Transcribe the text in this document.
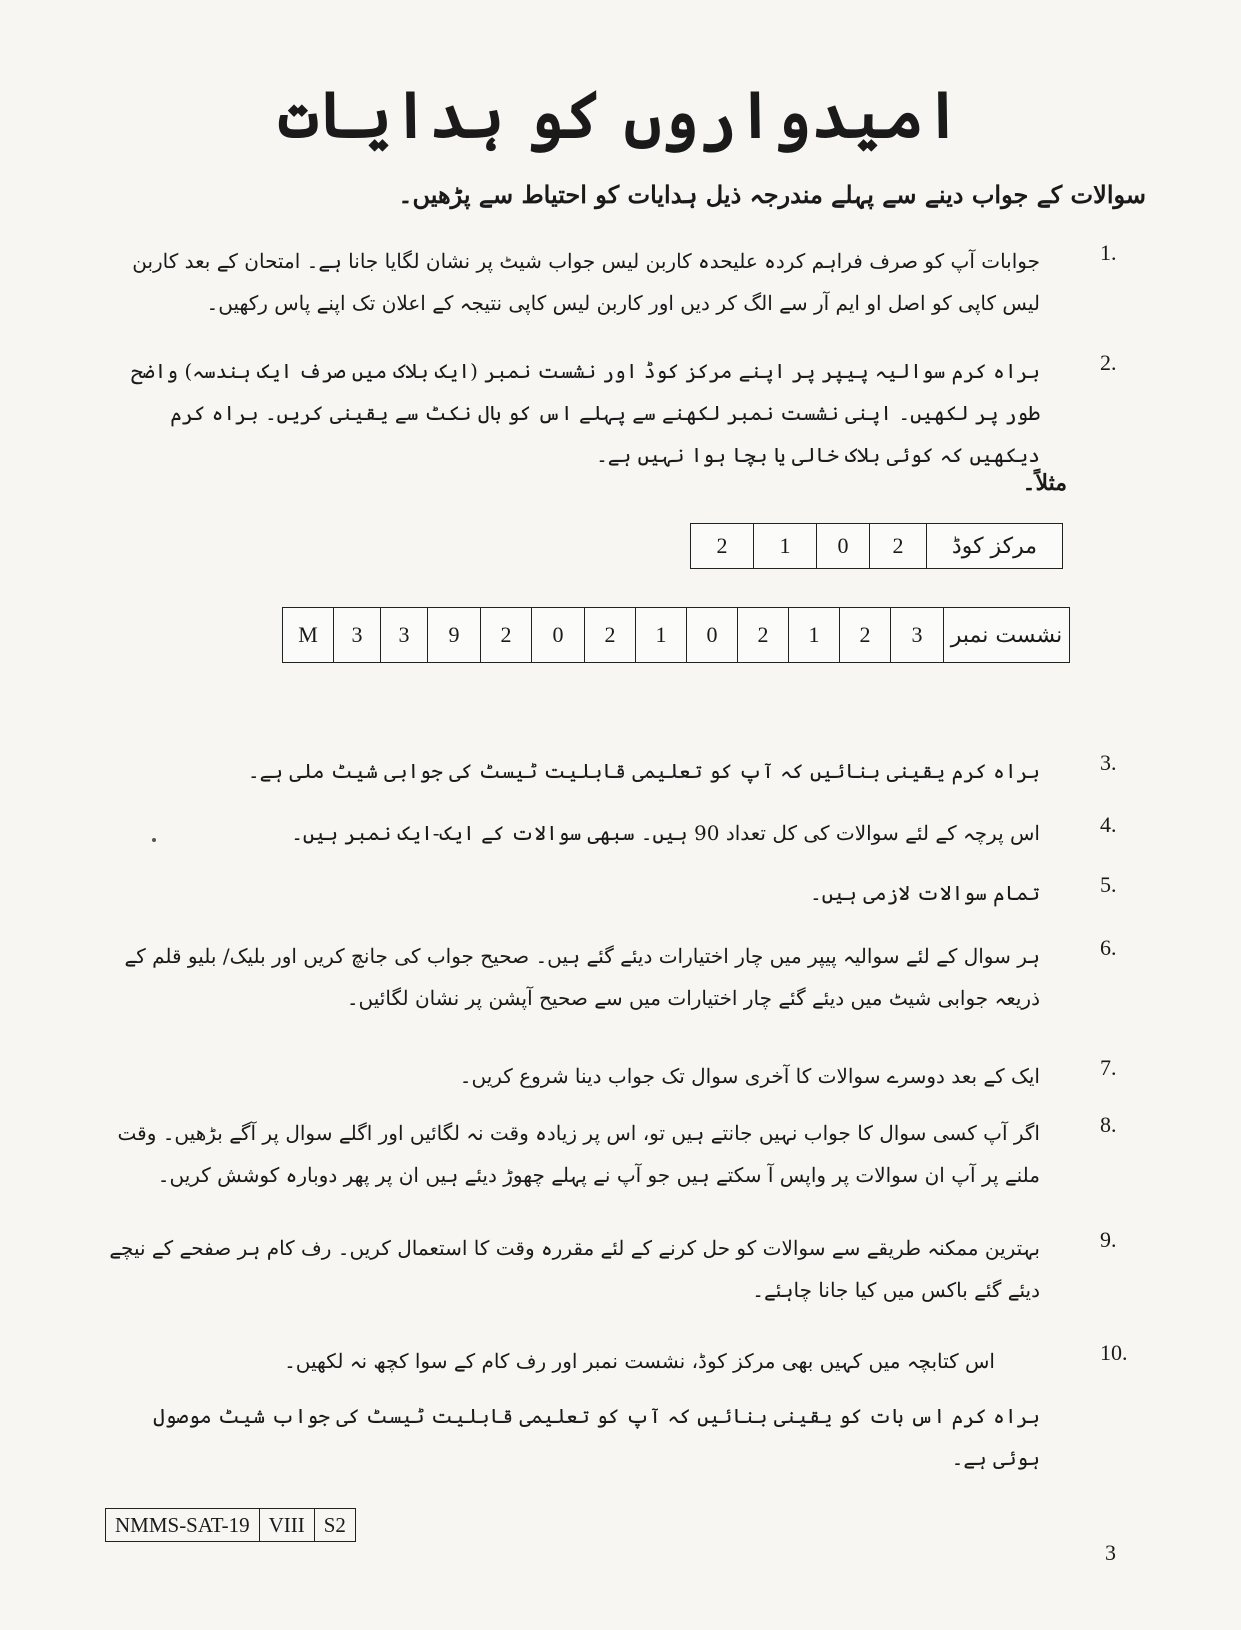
امیدواروں کو ہدایات
سوالات کے جواب دینے سے پہلے مندرجہ ذیل ہدایات کو احتیاط سے پڑھیں۔
1.
جوابات آپ کو صرف فراہم کردہ علیحدہ کاربن لیس جواب شیٹ پر نشان لگایا جانا ہے۔ امتحان کے بعد کاربن لیس کاپی کو اصل او ایم آر سے الگ کر دیں اور کاربن لیس کاپی نتیجہ کے اعلان تک اپنے پاس رکھیں۔
2.
براہ کرم سوالیہ پیپر پر اپنے مرکز کوڈ اور نشست نمبر (ایک بلاک میں صرف ایک ہندسہ) واضح طور پر لکھیں۔ اپنی نشست نمبر لکھنے سے پہلے اس کو بال نکٹ سے یقینی کریں۔ براہ کرم دیکھیں کہ کوئی بلاک خالی یا بچا ہوا نہیں ہے۔
مثلاً۔
2	1	0	2	مرکز کوڈ
M	3	3	9	2	0	2	1	0	2	1	2	3	نشست نمبر
3.
براہ کرم یقینی بنائیں کہ آپ کو تعلیمی قابلیت ٹیسٹ کی جوابی شیٹ ملی ہے۔
4.
اس پرچہ کے لئے سوالات کی کل تعداد 90 ہیں۔ سبھی سوالات کے ایک-ایک نمبر ہیں۔
5.
تمام سوالات لازمی ہیں۔
6.
ہر سوال کے لئے سوالیہ پیپر میں چار اختیارات دیئے گئے ہیں۔ صحیح جواب کی جانچ کریں اور بلیک/ بلیو قلم کے ذریعہ جوابی شیٹ میں دیئے گئے چار اختیارات میں سے صحیح آپشن پر نشان لگائیں۔
7.
ایک کے بعد دوسرے سوالات کا آخری سوال تک جواب دینا شروع کریں۔
8.
اگر آپ کسی سوال کا جواب نہیں جانتے ہیں تو، اس پر زیادہ وقت نہ لگائیں اور اگلے سوال پر آگے بڑھیں۔ وقت ملنے پر آپ ان سوالات پر واپس آ سکتے ہیں جو آپ نے پہلے چھوڑ دیئے ہیں ان پر پھر دوبارہ کوشش کریں۔
9.
بہترین ممکنہ طریقے سے سوالات کو حل کرنے کے لئے مقررہ وقت کا استعمال کریں۔ رف کام ہر صفحے کے نیچے دیئے گئے باکس میں کیا جانا چاہئے۔
10.
اس کتابچہ میں کہیں بھی مرکز کوڈ، نشست نمبر اور رف کام کے سوا کچھ نہ لکھیں۔
براہ کرم اس بات کو یقینی بنائیں کہ آپ کو تعلیمی قابلیت ٹیسٹ کی جواب شیٹ موصول ہوئی ہے۔
NMMS-SAT-19 VIII S2
3
